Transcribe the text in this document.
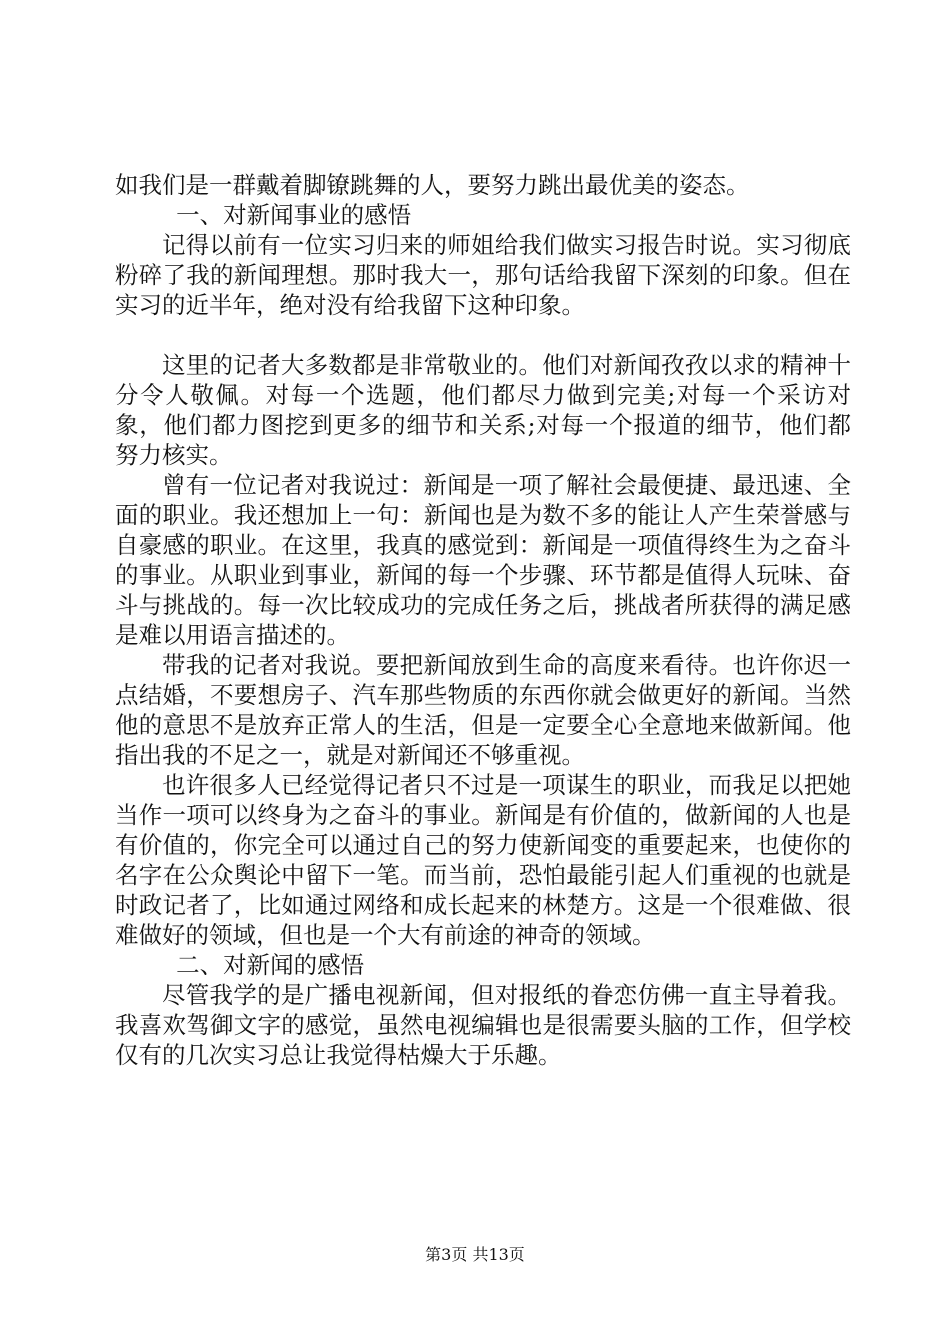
如我们是一群戴着脚镣跳舞的人，要努力跳出最优美的姿态。

一、对新闻事业的感悟

记得以前有一位实习归来的师姐给我们做实习报告时说。实习彻底粉碎了我的新闻理想。那时我大一，那句话给我留下深刻的印象。但在实习的近半年，绝对没有给我留下这种印象。

这里的记者大多数都是非常敬业的。他们对新闻孜孜以求的精神十分令人敬佩。对每一个选题，他们都尽力做到完美;对每一个采访对象，他们都力图挖到更多的细节和关系;对每一个报道的细节，他们都努力核实。

曾有一位记者对我说过：新闻是一项了解社会最便捷、最迅速、全面的职业。我还想加上一句：新闻也是为数不多的能让人产生荣誉感与自豪感的职业。在这里，我真的感觉到：新闻是一项值得终生为之奋斗的事业。从职业到事业，新闻的每一个步骤、环节都是值得人玩味、奋斗与挑战的。每一次比较成功的完成任务之后，挑战者所获得的满足感是难以用语言描述的。

带我的记者对我说。要把新闻放到生命的高度来看待。也许你迟一点结婚，不要想房子、汽车那些物质的东西你就会做更好的新闻。当然他的意思不是放弃正常人的生活，但是一定要全心全意地来做新闻。他指出我的不足之一，就是对新闻还不够重视。

也许很多人已经觉得记者只不过是一项谋生的职业，而我足以把她当作一项可以终身为之奋斗的事业。新闻是有价值的，做新闻的人也是有价值的，你完全可以通过自己的努力使新闻变的重要起来，也使你的名字在公众舆论中留下一笔。而当前，恐怕最能引起人们重视的也就是时政记者了，比如通过网络和成长起来的林楚方。这是一个很难做、很难做好的领域，但也是一个大有前途的神奇的领域。

二、对新闻的感悟

尽管我学的是广播电视新闻，但对报纸的眷恋仿佛一直主导着我。我喜欢驾御文字的感觉，虽然电视编辑也是很需要头脑的工作，但学校仅有的几次实习总让我觉得枯燥大于乐趣。

第3页 共13页
